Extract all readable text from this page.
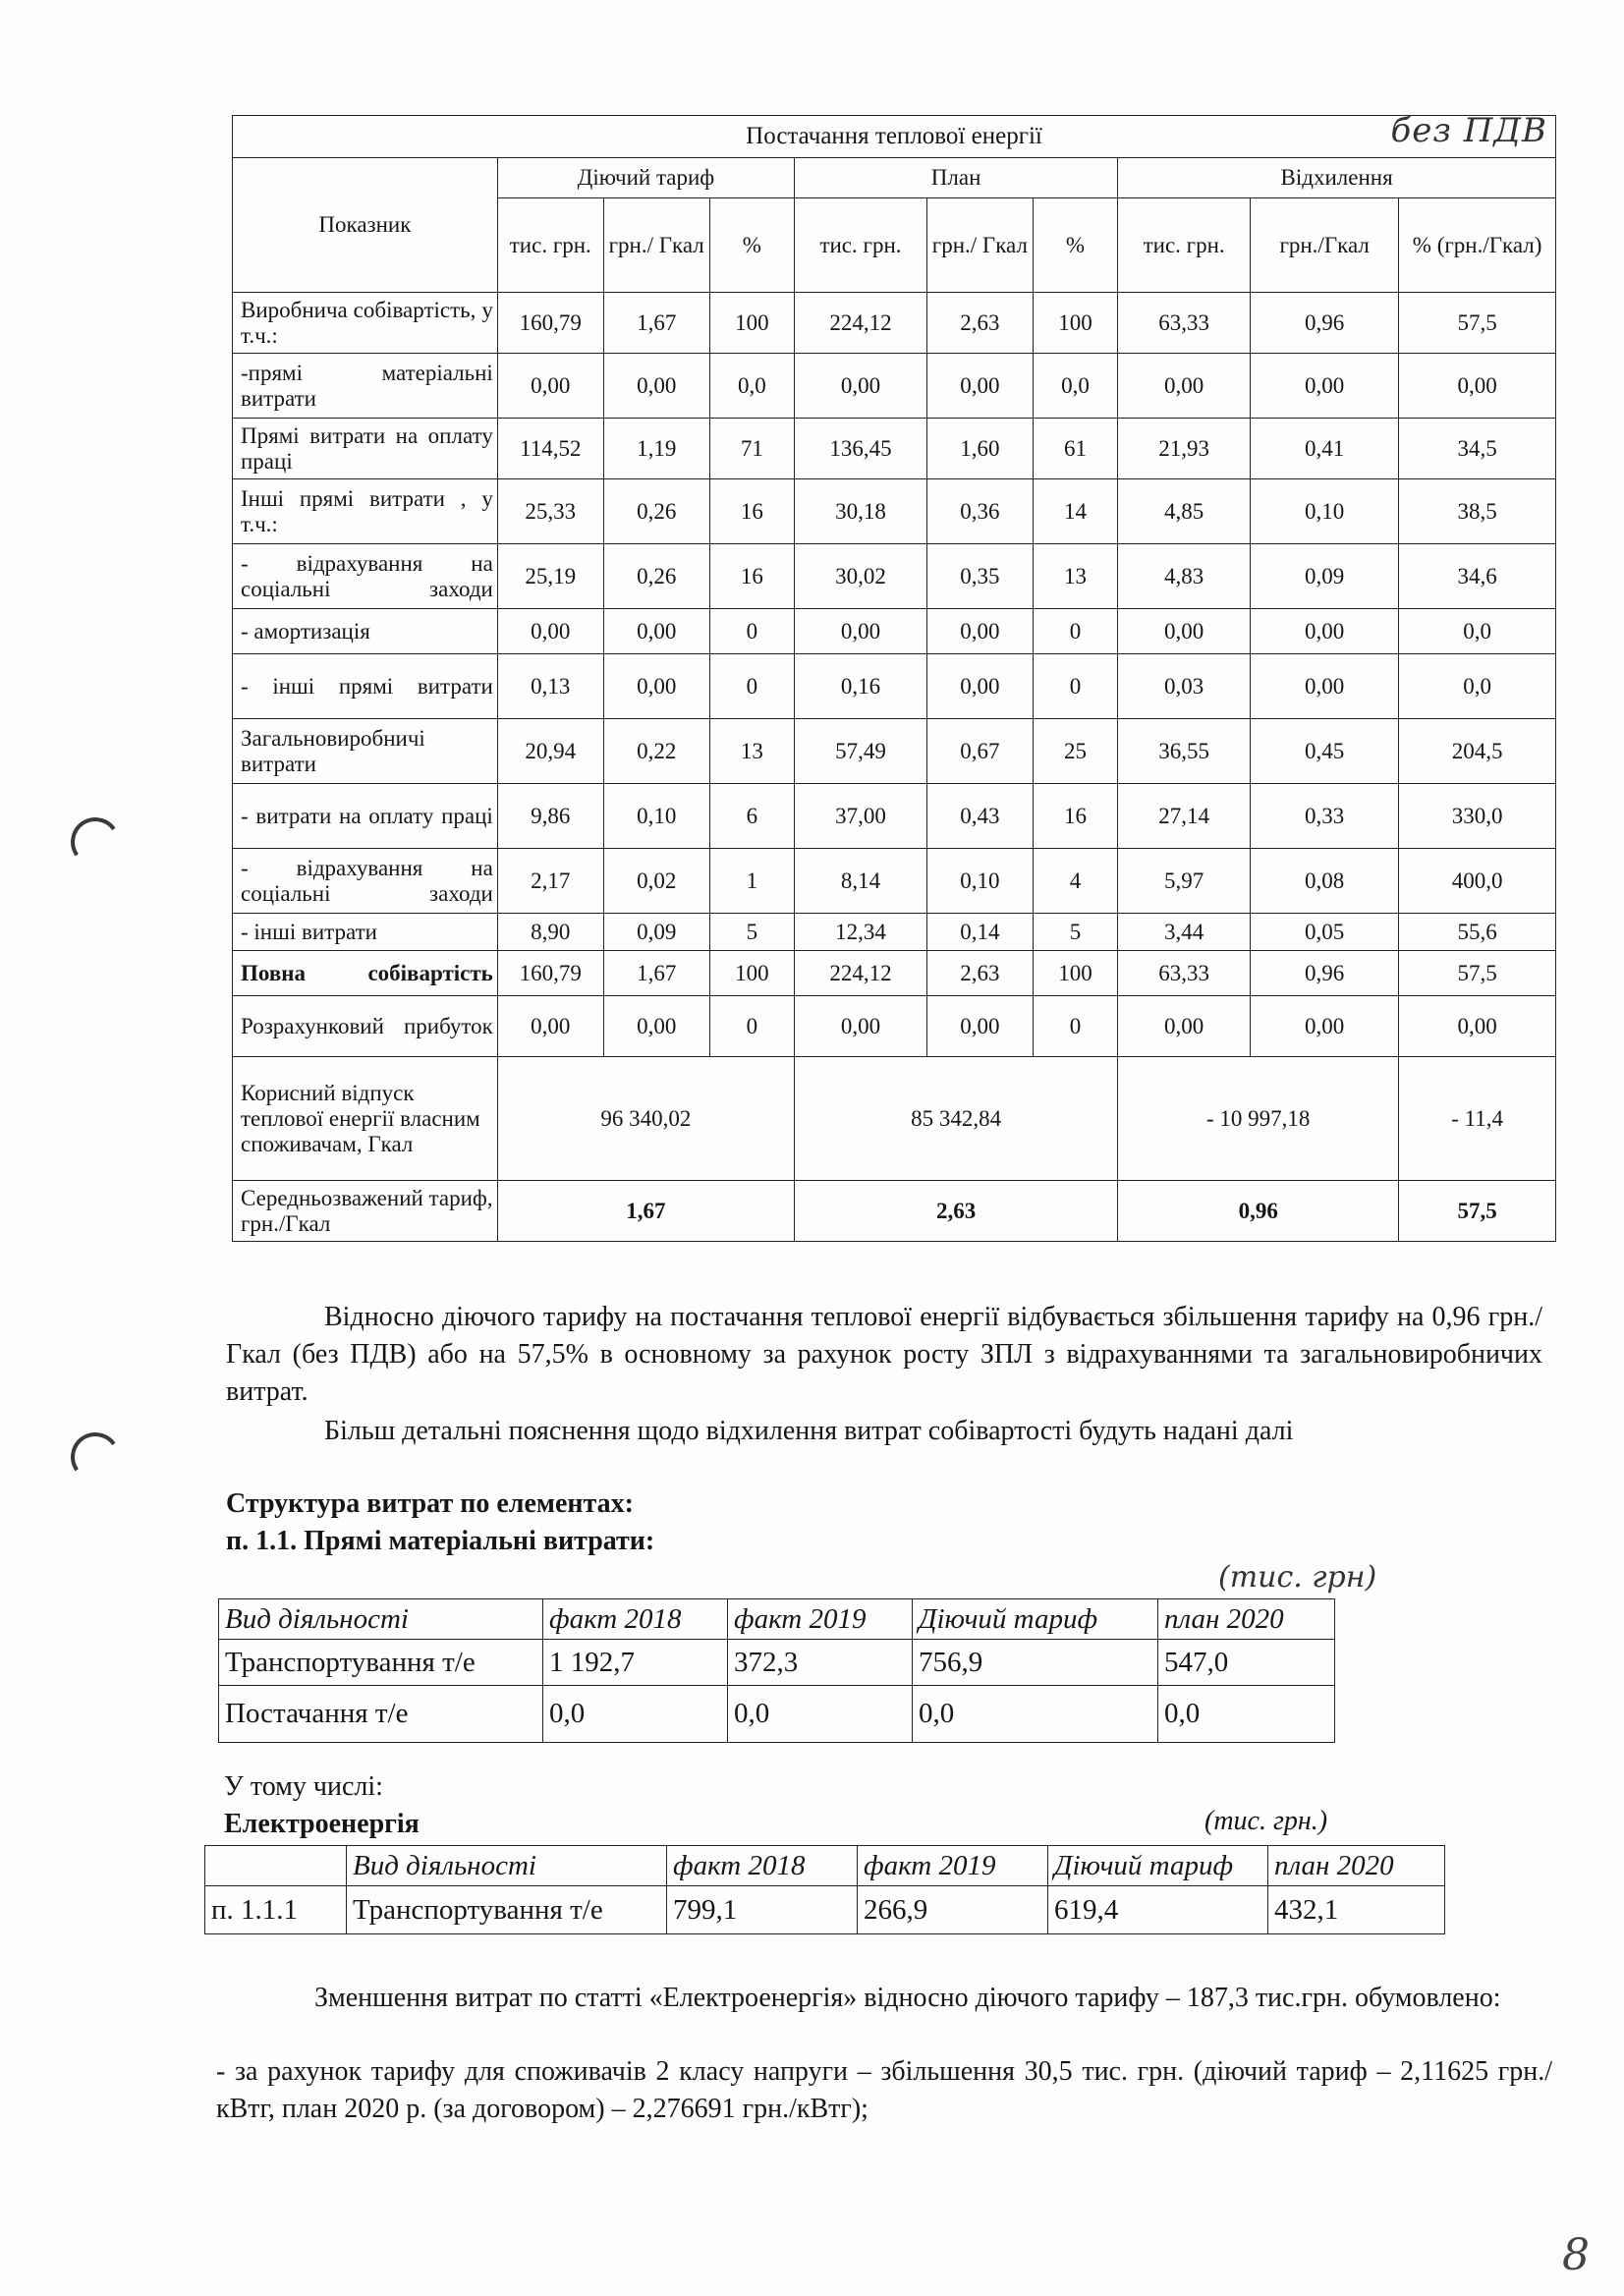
Постачання теплової енергії без ПДВ									

Показник	Діючий тариф			План			Відхилення		
	тис. грн.	грн./ Гкал	%	тис. грн.	грн./ Гкал	%	тис. грн.	грн./Гкал	% (грн./Гкал)
Виробнича собівартість, у т.ч.:	160,79	1,67	100	224,12	2,63	100	63,33	0,96	57,5
-прямі матеріальні витрати	0,00	0,00	0,0	0,00	0,00	0,0	0,00	0,00	0,00
Прямі витрати на оплату праці	114,52	1,19	71	136,45	1,60	61	21,93	0,41	34,5
Інші прямі витрати , у т.ч.:	25,33	0,26	16	30,18	0,36	14	4,85	0,10	38,5
- відрахування на соціальні заходи	25,19	0,26	16	30,02	0,35	13	4,83	0,09	34,6
- амортизація	0,00	0,00	0	0,00	0,00	0	0,00	0,00	0,0
- інші прямі витрати	0,13	0,00	0	0,16	0,00	0	0,03	0,00	0,0
Загальновиробничі витрати	20,94	0,22	13	57,49	0,67	25	36,55	0,45	204,5
- витрати на оплату праці	9,86	0,10	6	37,00	0,43	16	27,14	0,33	330,0
- відрахування на соціальні заходи	2,17	0,02	1	8,14	0,10	4	5,97	0,08	400,0
- інші витрати	8,90	0,09	5	12,34	0,14	5	3,44	0,05	55,6
Повна собівартість	160,79	1,67	100	224,12	2,63	100	63,33	0,96	57,5
Розрахунковий прибуток	0,00	0,00	0	0,00	0,00	0	0,00	0,00	0,00
Корисний відпуск теплової енергії власним споживачам, Гкал	96 340,02			85 342,84			- 10 997,18		- 11,4
Середньозважений тариф, грн./Гкал	1,67			2,63			0,96		57,5
Відносно діючого тарифу на постачання теплової енергії відбувається збільшення тарифу на 0,96 грн./Гкал (без ПДВ) або на 57,5% в основному за рахунок росту ЗПЛ з відрахуваннями та загальновиробничих витрат.
Більш детальні пояснення щодо відхилення витрат собівартості будуть надані далі
Структура витрат по елементах:
п. 1.1. Прямі матеріальні витрати:
(тис. грн)
Вид діяльності	факт 2018	факт 2019	Діючий тариф	план 2020
Транспортування т/е	1 192,7	372,3	756,9	547,0
Постачання т/е	0,0	0,0	0,0	0,0
У тому числі:
Електроенергія	(тис. грн.)
	Вид діяльності	факт 2018	факт 2019	Діючий тариф	план 2020
п. 1.1.1	Транспортування т/е	799,1	266,9	619,4	432,1
Зменшення витрат по статті «Електроенергія» відносно діючого тарифу – 187,3 тис.грн. обумовлено:
- за рахунок тарифу для споживачів 2 класу напруги – збільшення 30,5 тис. грн. (діючий тариф – 2,11625 грн./кВтг, план 2020 р. (за договором) – 2,276691 грн./кВтг);
8
